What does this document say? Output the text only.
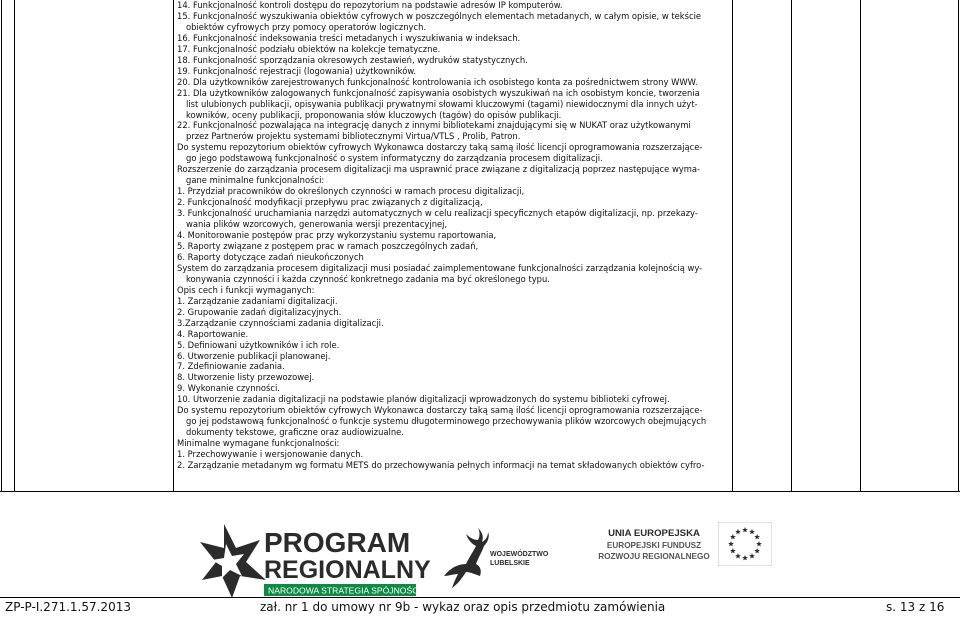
14. Funkcjonalność kontroli dostępu do repozytorium na podstawie adresów IP komputerów.

15. Funkcjonalność wyszukiwania obiektów cyfrowych w poszczególnych elementach metadanych, w całym opisie, w tekście

obiektów cyfrowych przy pomocy operatorów logicznych.

16. Funkcjonalność indeksowania treści metadanych i wyszukiwania w indeksach.

17. Funkcjonalność podziału obiektów na kolekcje tematyczne.

18. Funkcjonalność sporządzania okresowych zestawień, wydruków statystycznych.

19. Funkcjonalność rejestracji (logowania) użytkowników.

20. Dla użytkowników zarejestrowanych funkcjonalność kontrolowania ich osobistego konta za pośrednictwem strony WWW.

21. Dla użytkowników zalogowanych funkcjonalność zapisywania osobistych wyszukiwań na ich osobistym koncie, tworzenia

list ulubionych publikacji, opisywania publikacji prywatnymi słowami kluczowymi (tagami) niewidocznymi dla innych użyt-

kowników, oceny publikacji, proponowania słów kluczowych (tagów) do opisów publikacji.

22. Funkcjonalność pozwalająca na integrację danych z innymi bibliotekami znajdującymi się w NUKAT oraz użytkowanymi

przez Partnerów projektu systemami bibliotecznymi Virtua/VTLS , Prolib, Patron.

Do systemu repozytorium obiektów cyfrowych Wykonawca dostarczy taką samą ilość licencji oprogramowania rozszerzające-

go jego podstawową funkcjonalność o system informatyczny do zarządzania procesem digitalizacji.

Rozszerzenie do zarządzania procesem digitalizacji ma usprawnić prace związane z digitalizacją poprzez następujące wyma-

gane minimalne funkcjonalności:

1. Przydział pracowników do określonych czynności w ramach procesu digitalizacji,

2. Funkcjonalność modyfikacji przepływu prac związanych z digitalizacją,

3. Funkcjonalność uruchamiania narzędzi automatycznych w celu realizacji specyficznych etapów digitalizacji, np. przekazy-

wania plików wzorcowych, generowania wersji prezentacyjnej,

4. Monitorowanie postępów prac przy wykorzystaniu systemu raportowania,

5. Raporty związane z postępem prac w ramach poszczególnych zadań,

6. Raporty dotyczące zadań nieukończonych

System do zarządzania procesem digitalizacji musi posiadać zaimplementowane funkcjonalności zarządzania kolejnością wy-

konywania czynności i każda czynność konkretnego zadania ma być określonego typu.

Opis cech i funkcji wymaganych:

1. Zarządzanie zadaniami digitalizacji.

2. Grupowanie zadań digitalizacyjnych.

3.Zarządzanie czynnościami zadania digitalizacji.

4. Raportowanie.

5. Definiowani użytkowników i ich role.

6. Utworzenie publikacji planowanej.

7. Zdefiniowanie zadania.

8. Utworzenie listy przewozowej.

9. Wykonanie czynności.

10. Utworzenie zadania digitalizacji na podstawie planów digitalizacji wprowadzonych do systemu biblioteki cyfrowej.

Do systemu repozytorium obiektów cyfrowych Wykonawca dostarczy taką samą ilość licencji oprogramowania rozszerzające-

go jej podstawową funkcjonalność o funkcje systemu długoterminowego przechowywania plików wzorcowych obejmujących

dokumenty tekstowe, graficzne oraz audiowizualne.

Minimalne wymagane funkcjonalności:

1. Przechowywanie i wersjonowanie danych.

2. Zarządzanie metadanym wg formatu METS do przechowywania pełnych informacji na temat składowanych obiektów cyfro-

PROGRAM
REGIONALNY
NARODOWA STRATEGIA SPÓJNOŚCI
WOJEWÓDZTWO
LUBELSKIE
UNIA EUROPEJSKA
EUROPEJSKI FUNDUSZ
ROZWOJU REGIONALNEGO
ZP-P-I.271.1.57.2013	zał. nr 1 do umowy nr 9b - wykaz oraz opis przedmiotu zamówienia	s. 13 z 16
